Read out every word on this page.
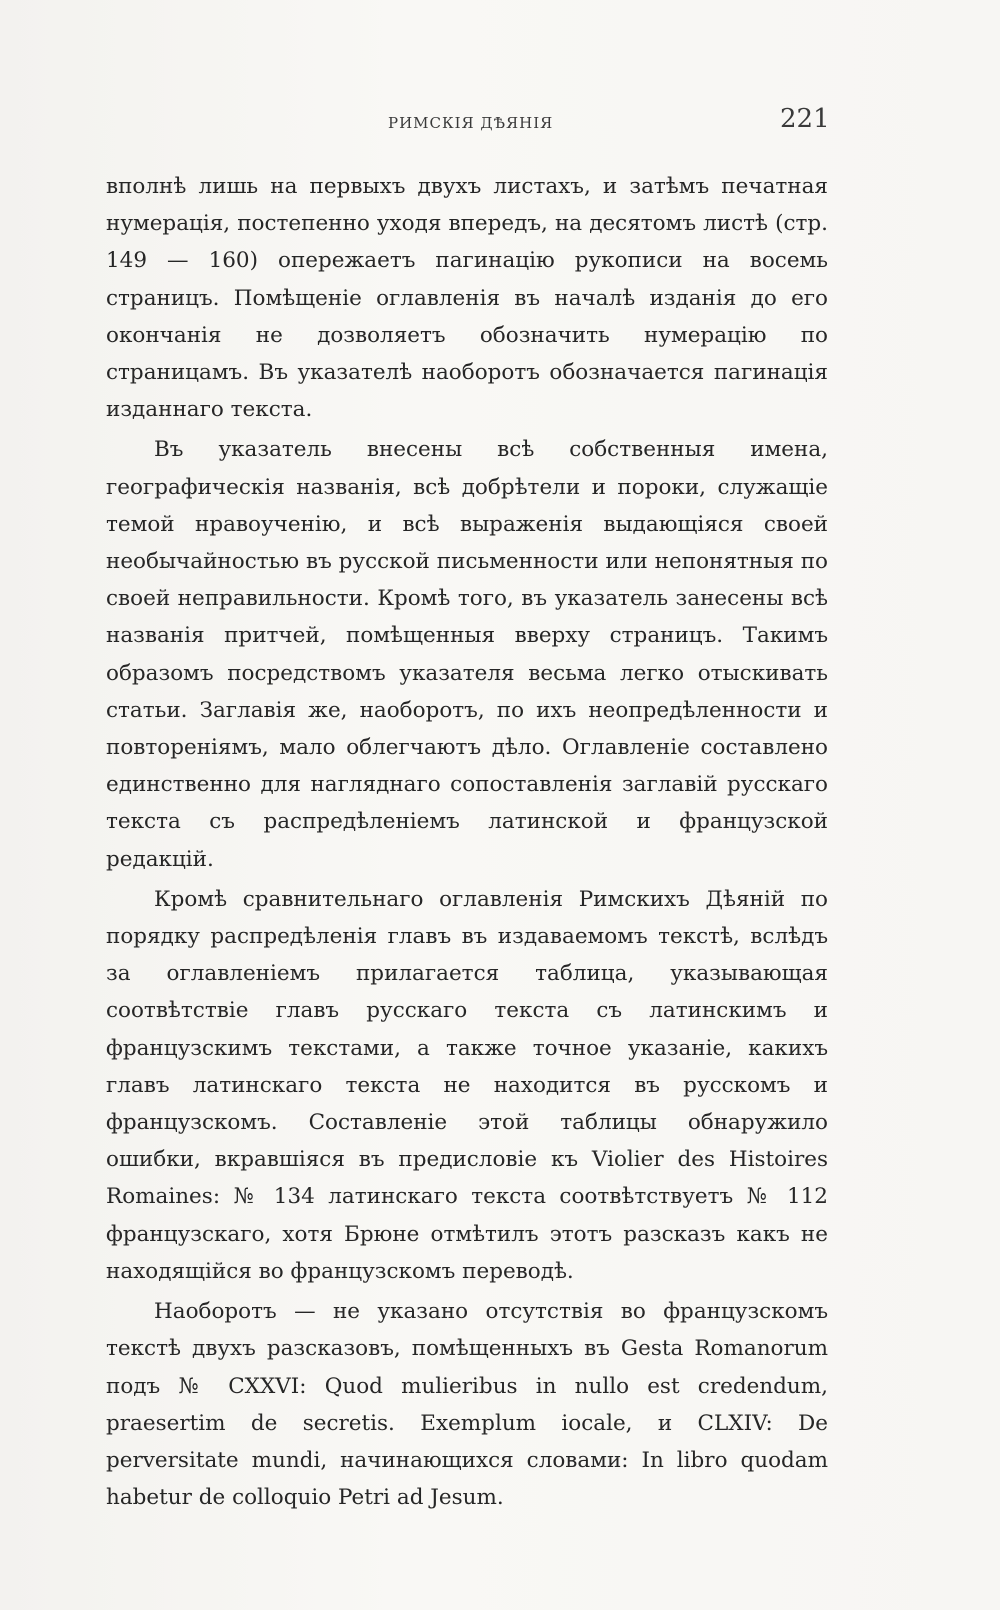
РИМСКІЯ ДѢЯНІЯ	221

вполнѣ лишь на первыхъ двухъ листахъ, и затѣмъ печатная нумерація, постепенно уходя впередъ, на десятомъ листѣ (стр. 149 — 160) опережаетъ пагинацію рукописи на восемь страницъ. Помѣщеніе оглавленія въ началѣ изданія до его окончанія не дозволяетъ обозначить нумерацію по страницамъ. Въ указателѣ наоборотъ обозначается пагинація изданнаго текста.

Въ указатель внесены всѣ собственныя имена, географическія названія, всѣ добрѣтели и пороки, служащіе темой нравоученію, и всѣ выраженія выдающіяся своей необычайностью въ русской письменности или непонятныя по своей неправильности. Кромѣ того, въ указатель занесены всѣ названія притчей, помѣщенныя вверху страницъ. Такимъ образомъ посредствомъ указателя весьма легко отыскивать статьи. Заглавія же, наоборотъ, по ихъ неопредѣленности и повтореніямъ, мало облегчаютъ дѣло. Оглавленіе составлено единственно для нагляднаго сопоставленія заглавій русскаго текста съ распредѣленіемъ латинской и французской редакцій.

Кромѣ сравнительнаго оглавленія Римскихъ Дѣяній по порядку распредѣленія главъ въ издаваемомъ текстѣ, вслѣдъ за оглавленіемъ прилагается таблица, указывающая соотвѣтствіе главъ русскаго текста съ латинскимъ и французскимъ текстами, а также точное указаніе, какихъ главъ латинскаго текста не находится въ русскомъ и французскомъ. Составленіе этой таблицы обнаружило ошибки, вкравшіяся въ предисловіе къ Violier des Histoires Romaines: № 134 латинскаго текста соотвѣтствуетъ № 112 французскаго, хотя Брюне отмѣтилъ этотъ разсказъ какъ не находящійся во французскомъ переводѣ.

Наоборотъ — не указано отсутствія во французскомъ текстѣ двухъ разсказовъ, помѣщенныхъ въ Gesta Romanorum подъ № CXXVI: Quod mulieribus in nullo est credendum, praesertim de secretis. Exemplum iocale, и CLXIV: De perversitate mundi, начинающихся словами: In libro quodam habetur de colloquio Petri ad Jesum.
